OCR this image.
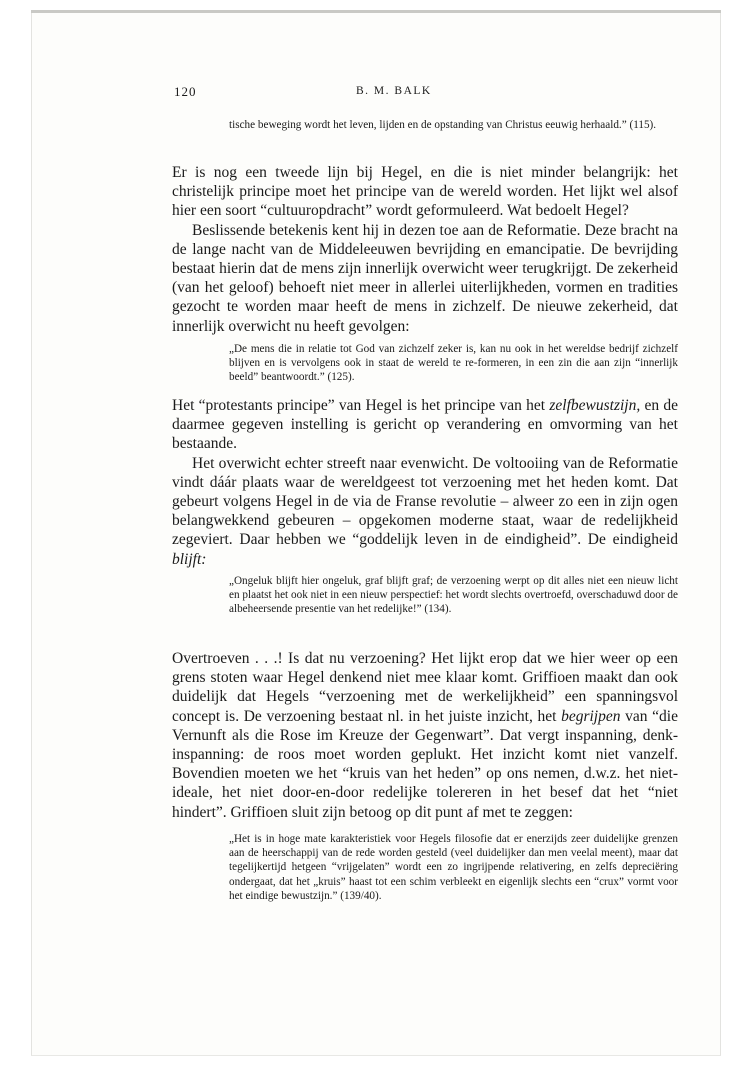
120	B. M. BALK

tische beweging wordt het leven, lijden en de opstanding van Christus eeuwig herhaald.” (115).

Er is nog een tweede lijn bij Hegel, en die is niet minder belangrijk: het christelijk principe moet het principe van de wereld worden. Het lijkt wel alsof hier een soort “cultuuropdracht” wordt geformuleerd. Wat bedoelt Hegel?

Beslissende betekenis kent hij in dezen toe aan de Reformatie. Deze bracht na de lange nacht van de Middeleeuwen bevrijding en emancipatie. De bevrijding bestaat hierin dat de mens zijn innerlijk overwicht weer terugkrijgt. De zekerheid (van het geloof) behoeft niet meer in allerlei uiterlijkheden, vormen en tradities gezocht te worden maar heeft de mens in zichzelf. De nieuwe zekerheid, dat innerlijk overwicht nu heeft gevolgen:

„De mens die in relatie tot God van zichzelf zeker is, kan nu ook in het wereldse bedrijf zichzelf blijven en is vervolgens ook in staat de wereld te re-formeren, in een zin die aan zijn “innerlijk beeld” beantwoordt.” (125).

Het “protestants principe” van Hegel is het principe van het zelfbewustzijn, en de daarmee gegeven instelling is gericht op verandering en omvorming van het bestaande.

Het overwicht echter streeft naar evenwicht. De voltooiing van de Reformatie vindt dáár plaats waar de wereldgeest tot verzoening met het heden komt. Dat gebeurt volgens Hegel in de via de Franse revolutie – alweer zo een in zijn ogen belangwekkend gebeuren – opgekomen moderne staat, waar de redelijkheid zegeviert. Daar hebben we “goddelijk leven in de eindigheid”. De eindigheid blijft:

„Ongeluk blijft hier ongeluk, graf blijft graf; de verzoening werpt op dit alles niet een nieuw licht en plaatst het ook niet in een nieuw perspectief: het wordt slechts overtroefd, overschaduwd door de albeheersende presentie van het redelijke!” (134).

Overtroeven . . .! Is dat nu verzoening? Het lijkt erop dat we hier weer op een grens stoten waar Hegel denkend niet mee klaar komt. Griffioen maakt dan ook duidelijk dat Hegels “verzoening met de werkelijkheid” een spanningsvol concept is. De verzoening bestaat nl. in het juiste inzicht, het begrijpen van “die Vernunft als die Rose im Kreuze der Gegenwart”. Dat vergt inspanning, denk-inspanning: de roos moet worden geplukt. Het inzicht komt niet vanzelf. Bovendien moeten we het “kruis van het heden” op ons nemen, d.w.z. het niet-ideale, het niet door-en-door redelijke tolereren in het besef dat het “niet hindert”. Griffioen sluit zijn betoog op dit punt af met te zeggen:

„Het is in hoge mate karakteristiek voor Hegels filosofie dat er enerzijds zeer duidelijke grenzen aan de heerschappij van de rede worden gesteld (veel duidelijker dan men veelal meent), maar dat tegelijkertijd hetgeen “vrijgelaten” wordt een zo ingrijpende relativering, en zelfs depreciëring ondergaat, dat het „kruis” haast tot een schim verbleekt en eigenlijk slechts een “crux” vormt voor het eindige bewustzijn.” (139/40).
